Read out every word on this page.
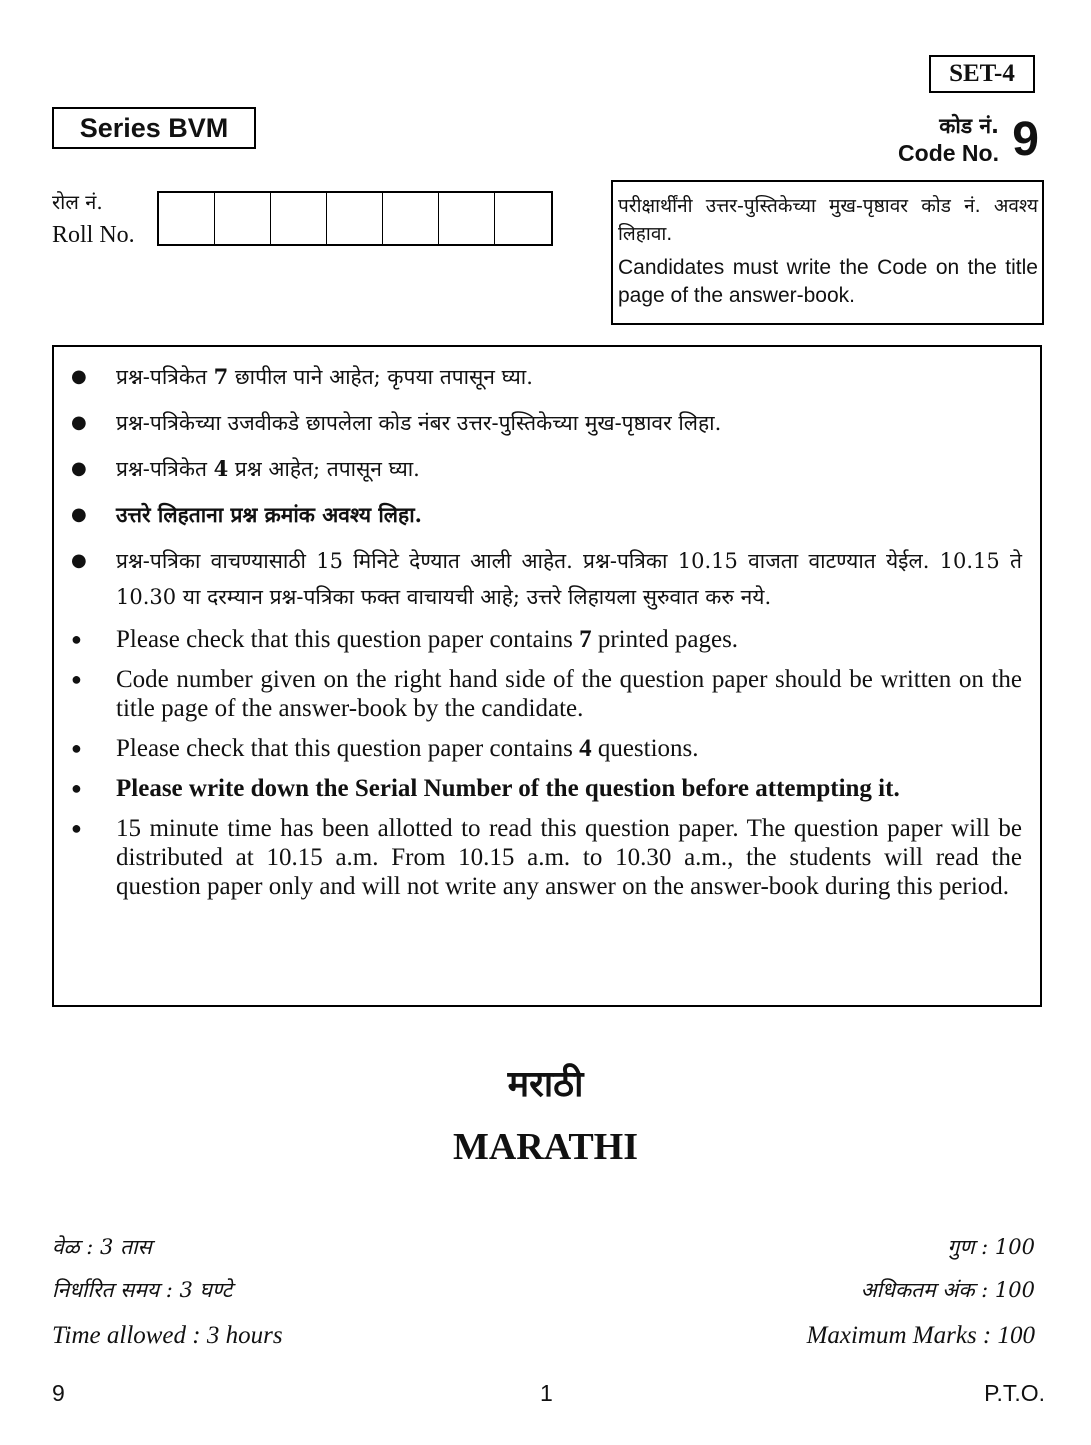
SET-4
Series BVM	कोड नं.
Code No. 9
रोल नं.
Roll No.
परीक्षार्थींनी उत्तर-पुस्तिकेच्या मुख-पृष्ठावर कोड नं. अवश्य लिहावा.
Candidates must write the Code on the title page of the answer-book.
● प्रश्न-पत्रिकेत 7 छापील पाने आहेत; कृपया तपासून घ्या.
● प्रश्न-पत्रिकेच्या उजवीकडे छापलेला कोड नंबर उत्तर-पुस्तिकेच्या मुख-पृष्ठावर लिहा.
● प्रश्न-पत्रिकेत 4 प्रश्न आहेत; तपासून घ्या.
● उत्तरे लिहताना प्रश्न क्रमांक अवश्य लिहा.
● प्रश्न-पत्रिका वाचण्यासाठी 15 मिनिटे देण्यात आली आहेत. प्रश्न-पत्रिका 10.15 वाजता वाटण्यात येईल. 10.15 ते 10.30 या दरम्यान प्रश्न-पत्रिका फक्त वाचायची आहे; उत्तरे लिहायला सुरुवात करु नये.
● Please check that this question paper contains 7 printed pages.
● Code number given on the right hand side of the question paper should be written on the title page of the answer-book by the candidate.
● Please check that this question paper contains 4 questions.
● Please write down the Serial Number of the question before attempting it.
● 15 minute time has been allotted to read this question paper. The question paper will be distributed at 10.15 a.m. From 10.15 a.m. to 10.30 a.m., the students will read the question paper only and will not write any answer on the answer-book during this period.
मराठी
MARATHI
वेळ : 3 तास
निर्धारित समय : 3 घण्टे
Time allowed : 3 hours
गुण : 100
अधिकतम अंक : 100
Maximum Marks : 100
9	1	P.T.O.
